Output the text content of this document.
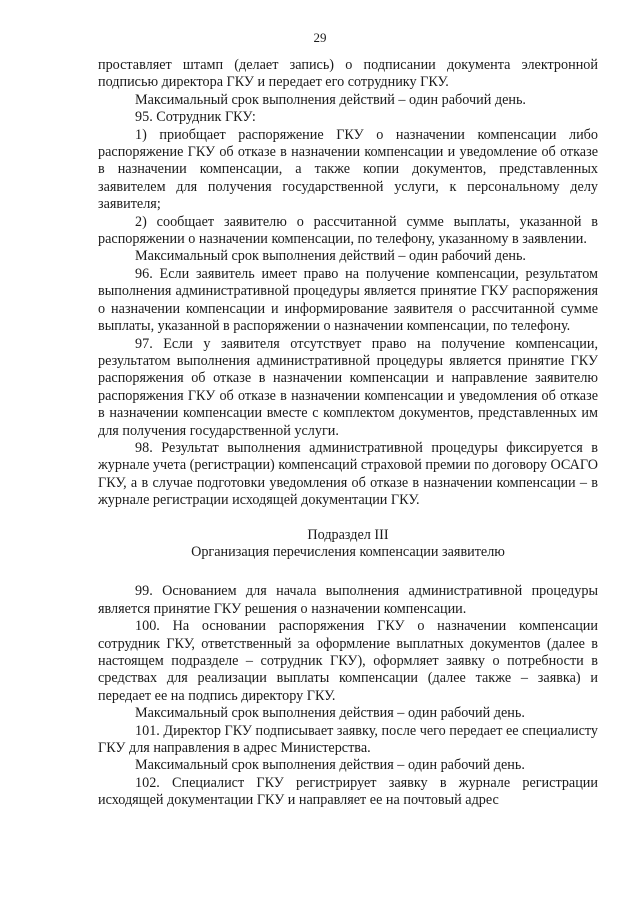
29

проставляет штамп (делает запись) о подписании документа электронной подписью директора ГКУ и передает его сотруднику ГКУ.

Максимальный срок выполнения действий – один рабочий день.

95. Сотрудник ГКУ:

1) приобщает распоряжение ГКУ о назначении компенсации либо распоряжение ГКУ об отказе в назначении компенсации и уведомление об отказе в назначении компенсации, а также копии документов, представленных заявителем для получения государственной услуги, к персональному делу заявителя;

2) сообщает заявителю о рассчитанной сумме выплаты, указанной в распоряжении о назначении компенсации, по телефону, указанному в заявлении.

Максимальный срок выполнения действий – один рабочий день.

96. Если заявитель имеет право на получение компенсации, результатом выполнения административной процедуры является принятие ГКУ распоряжения о назначении компенсации и информирование заявителя о рассчитанной сумме выплаты, указанной в распоряжении о назначении компенсации, по телефону.

97. Если у заявителя отсутствует право на получение компенсации, результатом выполнения административной процедуры является принятие ГКУ распоряжения об отказе в назначении компенсации и направление заявителю распоряжения ГКУ об отказе в назначении компенсации и уведомления об отказе в назначении компенсации вместе с комплектом документов, представленных им для получения государственной услуги.

98. Результат выполнения административной процедуры фиксируется в журнале учета (регистрации) компенсаций страховой премии по договору ОСАГО ГКУ, а в случае подготовки уведомления об отказе в назначении компенсации – в журнале регистрации исходящей документации ГКУ.

Подраздел III

Организация перечисления компенсации заявителю

99. Основанием для начала выполнения административной процедуры является принятие ГКУ решения о назначении компенсации.

100. На основании распоряжения ГКУ о назначении компенсации сотрудник ГКУ, ответственный за оформление выплатных документов (далее в настоящем подразделе – сотрудник ГКУ), оформляет заявку о потребности в средствах для реализации выплаты компенсации (далее также – заявка) и передает ее на подпись директору ГКУ.

Максимальный срок выполнения действия – один рабочий день.

101. Директор ГКУ подписывает заявку, после чего передает ее специалисту ГКУ для направления в адрес Министерства.

Максимальный срок выполнения действия – один рабочий день.

102. Специалист ГКУ регистрирует заявку в журнале регистрации исходящей документации ГКУ и направляет ее на почтовый адрес
